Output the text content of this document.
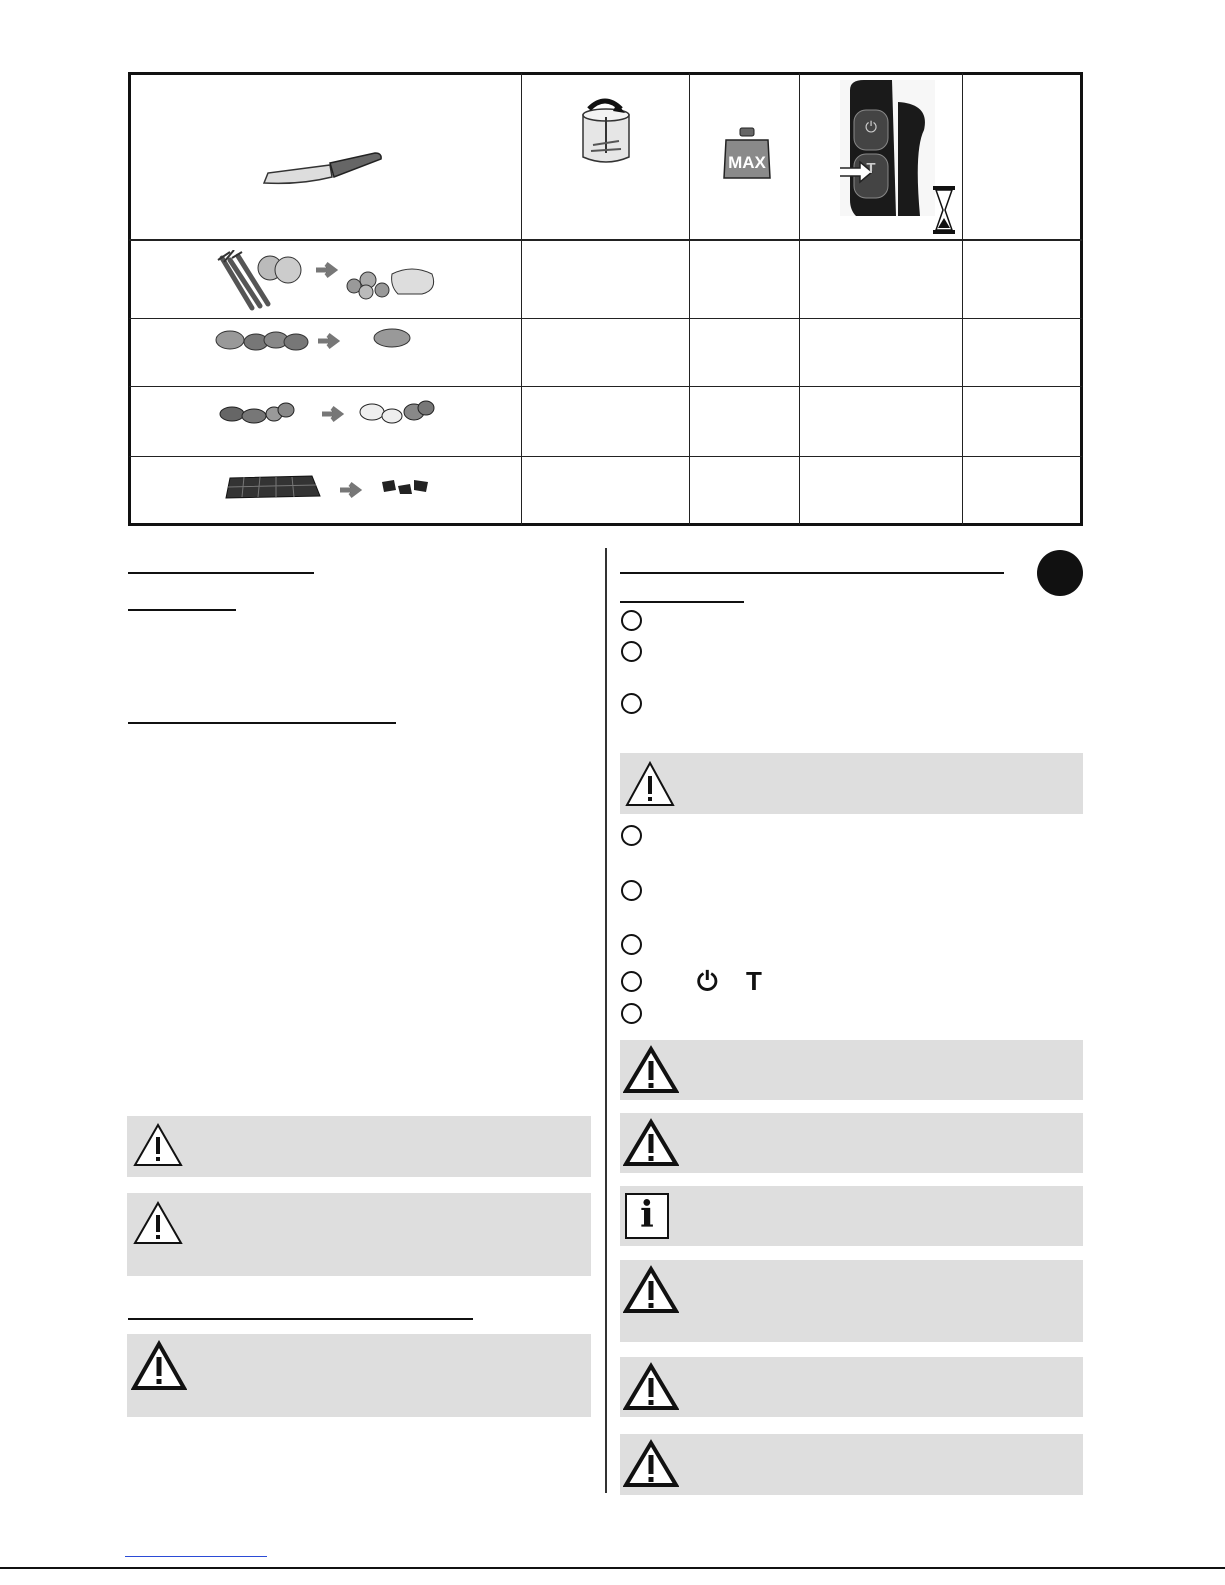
MAX
⏻
T
⏻ T
i
